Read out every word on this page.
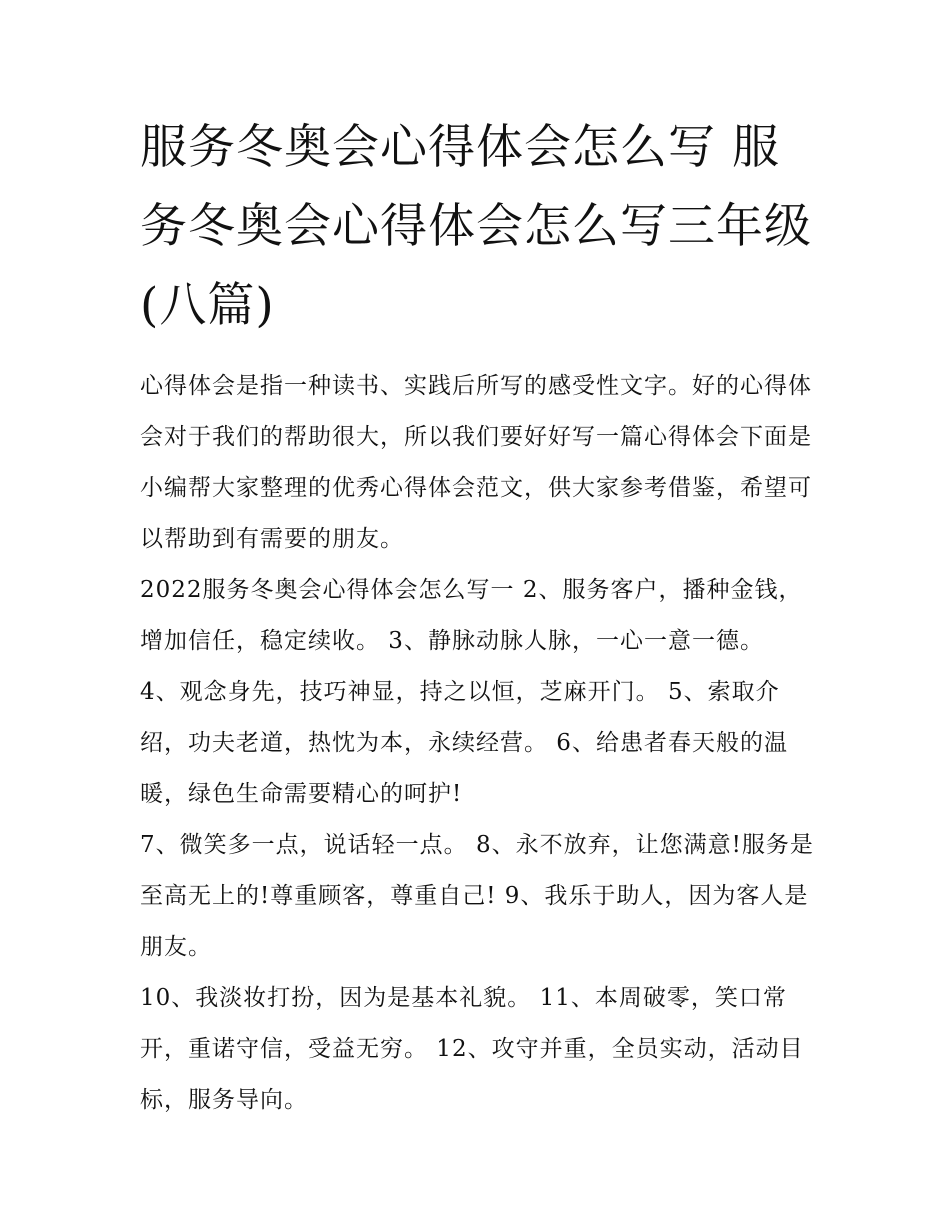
服务冬奥会心得体会怎么写 服务冬奥会心得体会怎么写三年级(八篇)

心得体会是指一种读书、实践后所写的感受性文字。好的心得体会对于我们的帮助很大，所以我们要好好写一篇心得体会下面是小编帮大家整理的优秀心得体会范文，供大家参考借鉴，希望可以帮助到有需要的朋友。

2022服务冬奥会心得体会怎么写一 2、服务客户，播种金钱，增加信任，稳定续收。 3、静脉动脉人脉，一心一意一德。

4、观念身先，技巧神显，持之以恒，芝麻开门。 5、索取介绍，功夫老道，热忱为本，永续经营。 6、给患者春天般的温暖，绿色生命需要精心的呵护!

7、微笑多一点，说话轻一点。 8、永不放弃，让您满意!服务是至高无上的!尊重顾客，尊重自己! 9、我乐于助人，因为客人是朋友。

10、我淡妆打扮，因为是基本礼貌。 11、本周破零，笑口常开，重诺守信，受益无穷。 12、攻守并重，全员实动，活动目标，服务导向。
